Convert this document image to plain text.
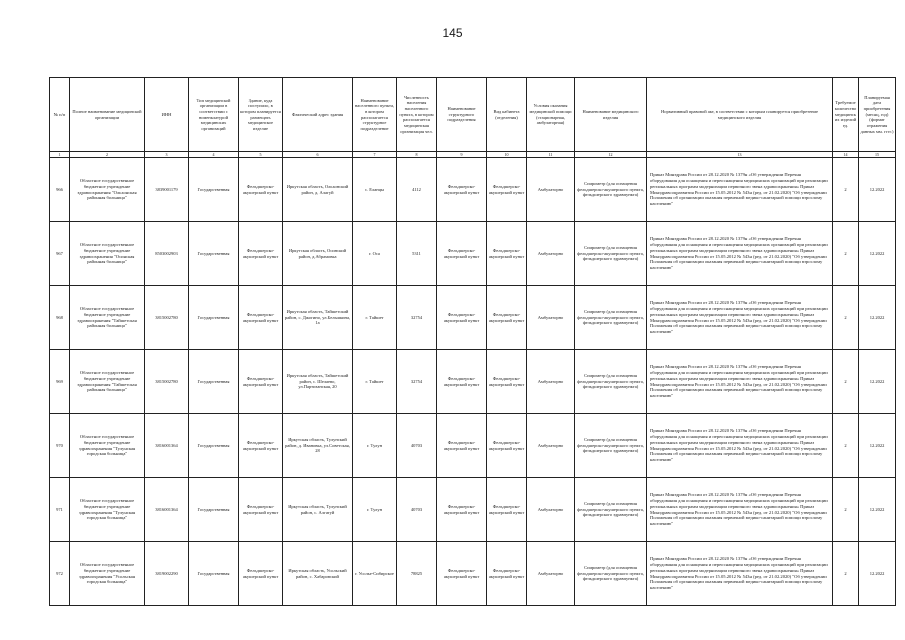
145
№ п/п	Полное наименование медицинской организации	ИНН	Тип медицинской организации в соответствии с номенклатурой медицинских организаций	Здание, куда поступило, в котором планируется размещать медицинское изделие	Фактический адрес здания	Наименование населенного пункта, в котором располагается структурное подразделение	Численность населения населенного пункта, в котором располагается медицинская организация чел.	Наименование структурного подразделения	Вид кабинета (отделения)	Условия оказания медицинской помощи (стационарная, амбулаторная)	Наименование медицинского изделия	Нормативный правовой акт, в соответствии с которым планируется приобретение медицинского изделия	Требуемое количество медицинских изделий ед.	Планируемая дата приобретения (месяц, год) (формат отражения данных мм. гггг.)
1	2	3	4	5	6	7	8	9	10	11	12	13	14	15
966	Областное государственное бюджетное учреждение здравоохранения "Ольхонская районная больница"	3839001179	Государственная	Фельдшерско-акушерский пункт	Иркутская область, Ольхонский район, д. Алагуй	с. Еланцы	4112	Фельдшерско-акушерский пункт	Фельдшерско-акушерский пункт	Амбулаторно	Спирометр (для оснащения фельдшерско-акушерского пункта, фельдшерского здравпункта)	Приказ Минздрава России от 28.12.2020 № 1379н «Об утверждении Перечня оборудования для оснащения и переоснащения медицинских организаций при реализации региональных программ модернизации первичного звена здравоохранения» Приказ Минздравсоцразвития России от 15.05.2012 № 543н (ред. от 21.02.2020) "Об утверждении Положения об организации оказания первичной медико-санитарной помощи взрослому населению"	2	12.2022
967	Областное государственное бюджетное учреждение здравоохранения "Осинская районная больница"	8503002903	Государственная	Фельдшерско-акушерский пункт	Иркутская область, Осинский район, д.Абрамовка	г. Оса	5311	Фельдшерско-акушерский пункт	Фельдшерско-акушерский пункт	Амбулаторно	Спирометр (для оснащения фельдшерско-акушерского пункта, фельдшерского здравпункта)	Приказ Минздрава России от 28.12.2020 № 1379н «Об утверждении Перечня оборудования для оснащения и переоснащения медицинских организаций при реализации региональных программ модернизации первичного звена здравоохранения» Приказ Минздравсоцразвития России от 15.05.2012 № 543н (ред. от 21.02.2020) "Об утверждении Положения об организации оказания первичной медико-санитарной помощи взрослому населению"	2	12.2022
968	Областное государственное бюджетное учреждение здравоохранения "Тайшетская районная больница"	3815002780	Государственная	Фельдшерско-акушерский пункт	Иркутская область, Тайшетский район, с. Джогино, ул.Бельшкина, 1а	г. Тайшет	32754	Фельдшерско-акушерский пункт	Фельдшерско-акушерский пункт	Амбулаторно	Спирометр (для оснащения фельдшерско-акушерского пункта, фельдшерского здравпункта)	Приказ Минздрава России от 28.12.2020 № 1379н «Об утверждении Перечня оборудования для оснащения и переоснащения медицинских организаций при реализации региональных программ модернизации первичного звена здравоохранения» Приказ Минздравсоцразвития России от 15.05.2012 № 543н (ред. от 21.02.2020) "Об утверждении Положения об организации оказания первичной медико-санитарной помощи взрослому населению"	2	12.2022
969	Областное государственное бюджетное учреждение здравоохранения "Тайшетская районная больница"	3815002780	Государственная	Фельдшерско-акушерский пункт	Иркутская область, Тайшетский район, с. Шелаево, ул.Партизанская, 20	г. Тайшет	32754	Фельдшерско-акушерский пункт	Фельдшерско-акушерский пункт	Амбулаторно	Спирометр (для оснащения фельдшерско-акушерского пункта, фельдшерского здравпункта)	Приказ Минздрава России от 28.12.2020 № 1379н «Об утверждении Перечня оборудования для оснащения и переоснащения медицинских организаций при реализации региональных программ модернизации первичного звена здравоохранения» Приказ Минздравсоцразвития России от 15.05.2012 № 543н (ред. от 21.02.2020) "Об утверждении Положения об организации оказания первичной медико-санитарной помощи взрослому населению"	2	12.2022
970	Областное государственное бюджетное учреждение здравоохранения "Тулунская городская больница"	3816001364	Государственная	Фельдшерско-акушерский пункт	Иркутская область, Тулунский район, д. Ивановка, ул.Советская, 28	г. Тулун	40703	Фельдшерско-акушерский пункт	Фельдшерско-акушерский пункт	Амбулаторно	Спирометр (для оснащения фельдшерско-акушерского пункта, фельдшерского здравпункта)	Приказ Минздрава России от 28.12.2020 № 1379н «Об утверждении Перечня оборудования для оснащения и переоснащения медицинских организаций при реализации региональных программ модернизации первичного звена здравоохранения» Приказ Минздравсоцразвития России от 15.05.2012 № 543н (ред. от 21.02.2020) "Об утверждении Положения об организации оказания первичной медико-санитарной помощи взрослому населению"	2	12.2022
971	Областное государственное бюджетное учреждение здравоохранения "Тулунская городская больница"	3816001364	Государственная	Фельдшерско-акушерский пункт	Иркутская область, Тулунский район, с. Алгатуй	г. Тулун	40703	Фельдшерско-акушерский пункт	Фельдшерско-акушерский пункт	Амбулаторно	Спирометр (для оснащения фельдшерско-акушерского пункта, фельдшерского здравпункта)	Приказ Минздрава России от 28.12.2020 № 1379н «Об утверждении Перечня оборудования для оснащения и переоснащения медицинских организаций при реализации региональных программ модернизации первичного звена здравоохранения» Приказ Минздравсоцразвития России от 15.05.2012 № 543н (ред. от 21.02.2020) "Об утверждении Положения об организации оказания первичной медико-санитарной помощи взрослому населению"	2	12.2022
972	Областное государственное бюджетное учреждение здравоохранения "Усольская городская больница"	3819002290	Государственная	Фельдшерско-акушерский пункт	Иркутская область, Усольский район, с. Хабаровский	г. Усолье-Сибирское	78825	Фельдшерско-акушерский пункт	Фельдшерско-акушерский пункт	Амбулаторно	Спирометр (для оснащения фельдшерско-акушерского пункта, фельдшерского здравпункта)	Приказ Минздрава России от 28.12.2020 № 1379н «Об утверждении Перечня оборудования для оснащения и переоснащения медицинских организаций при реализации региональных программ модернизации первичного звена здравоохранения» Приказ Минздравсоцразвития России от 15.05.2012 № 543н (ред. от 21.02.2020) "Об утверждении Положения об организации оказания первичной медико-санитарной помощи взрослому населению"	2	12.2022
